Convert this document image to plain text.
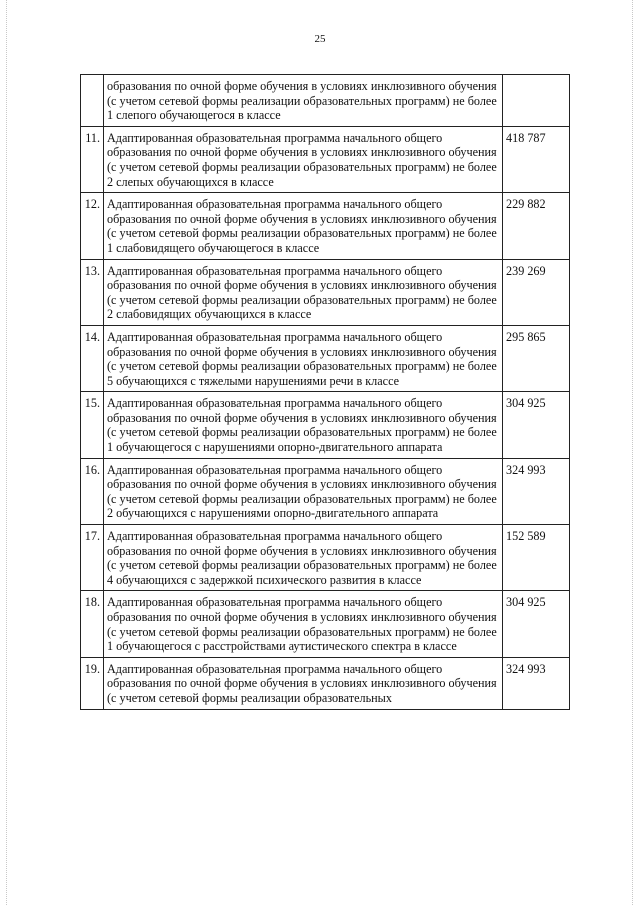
25
	образования по очной форме обучения в условиях инклюзивного обучения (с учетом сетевой формы реализации образовательных программ) не более 1 слепого обучающегося в классе	
11.	Адаптированная образовательная программа начального общего образования по очной форме обучения в условиях инклюзивного обучения (с учетом сетевой формы реализации образовательных программ) не более 2 слепых обучающихся в классе	418 787
12.	Адаптированная образовательная программа начального общего образования по очной форме обучения в условиях инклюзивного обучения (с учетом сетевой формы реализации образовательных программ) не более 1 слабовидящего обучающегося в классе	229 882
13.	Адаптированная образовательная программа начального общего образования по очной форме обучения в условиях инклюзивного обучения (с учетом сетевой формы реализации образовательных программ) не более 2 слабовидящих обучающихся в классе	239 269
14.	Адаптированная образовательная программа начального общего образования по очной форме обучения в условиях инклюзивного обучения (с учетом сетевой формы реализации образовательных программ) не более 5 обучающихся с тяжелыми нарушениями речи в классе	295 865
15.	Адаптированная образовательная программа начального общего образования по очной форме обучения в условиях инклюзивного обучения (с учетом сетевой формы реализации образовательных программ) не более 1 обучающегося с нарушениями опорно-двигательного аппарата	304 925
16.	Адаптированная образовательная программа начального общего образования по очной форме обучения в условиях инклюзивного обучения (с учетом сетевой формы реализации образовательных программ) не более 2 обучающихся с нарушениями опорно-двигательного аппарата	324 993
17.	Адаптированная образовательная программа начального общего образования по очной форме обучения в условиях инклюзивного обучения (с учетом сетевой формы реализации образовательных программ) не более 4 обучающихся с задержкой психического развития в классе	152 589
18.	Адаптированная образовательная программа начального общего образования по очной форме обучения в условиях инклюзивного обучения (с учетом сетевой формы реализации образовательных программ) не более 1 обучающегося с расстройствами аутистического спектра в классе	304 925
19.	Адаптированная образовательная программа начального общего образования по очной форме обучения в условиях инклюзивного обучения (с учетом сетевой формы реализации образовательных	324 993
